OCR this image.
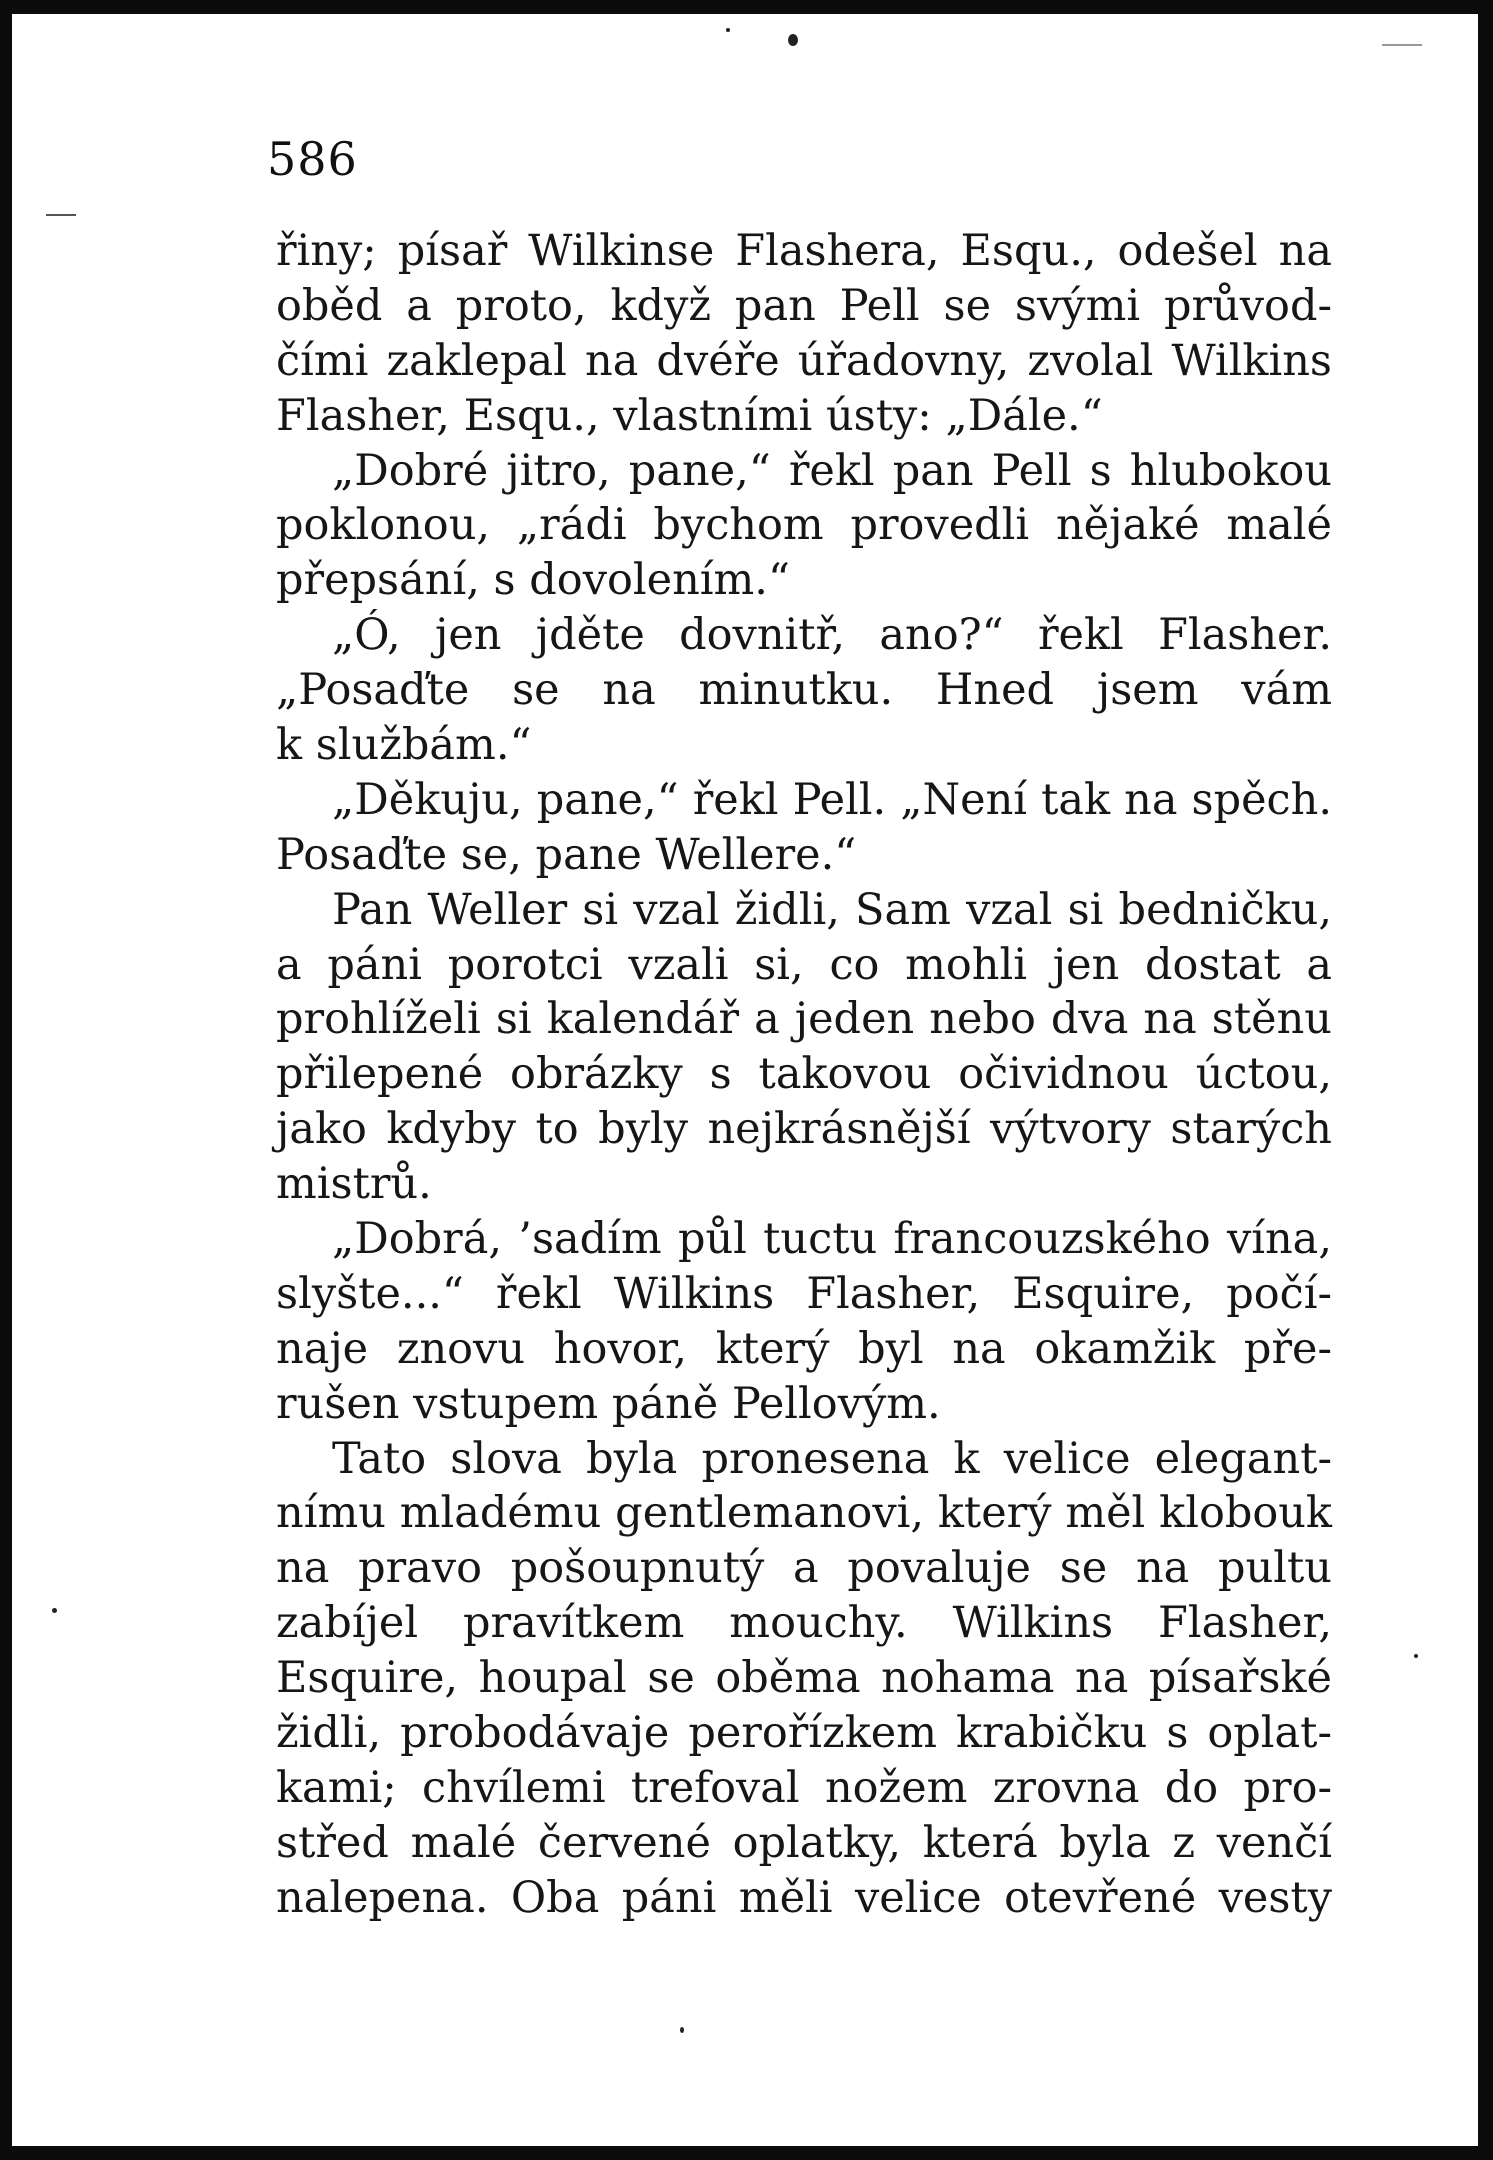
586
řiny; písař Wilkinse Flashera, Esqu., odešel na
oběd a proto, když pan Pell se svými průvod-
čími zaklepal na dvéře úřadovny, zvolal Wilkins
Flasher, Esqu., vlastními ústy: „Dále.“
„Dobré jitro, pane,“ řekl pan Pell s hlubokou
poklonou, „rádi bychom provedli nějaké malé
přepsání, s dovolením.“
„Ó, jen jděte dovnitř, ano?“ řekl Flasher.
„Posaďte se na minutku. Hned jsem vám
k službám.“
„Děkuju, pane,“ řekl Pell. „Není tak na spěch.
Posaďte se, pane Wellere.“
Pan Weller si vzal židli, Sam vzal si bedničku,
a páni porotci vzali si, co mohli jen dostat a
prohlíželi si kalendář a jeden nebo dva na stěnu
přilepené obrázky s takovou očividnou úctou,
jako kdyby to byly nejkrásnější výtvory starých
mistrů.
„Dobrá, ’sadím půl tuctu francouzského vína,
slyšte...“ řekl Wilkins Flasher, Esquire, počí-
naje znovu hovor, který byl na okamžik pře-
rušen vstupem páně Pellovým.
Tato slova byla pronesena k velice elegant-
nímu mladému gentlemanovi, který měl klobouk
na pravo pošoupnutý a povaluje se na pultu
zabíjel pravítkem mouchy. Wilkins Flasher,
Esquire, houpal se oběma nohama na písařské
židli, probodávaje perořízkem krabičku s oplat-
kami; chvílemi trefoval nožem zrovna do pro-
střed malé červené oplatky, která byla z venčí
nalepena. Oba páni měli velice otevřené vesty
